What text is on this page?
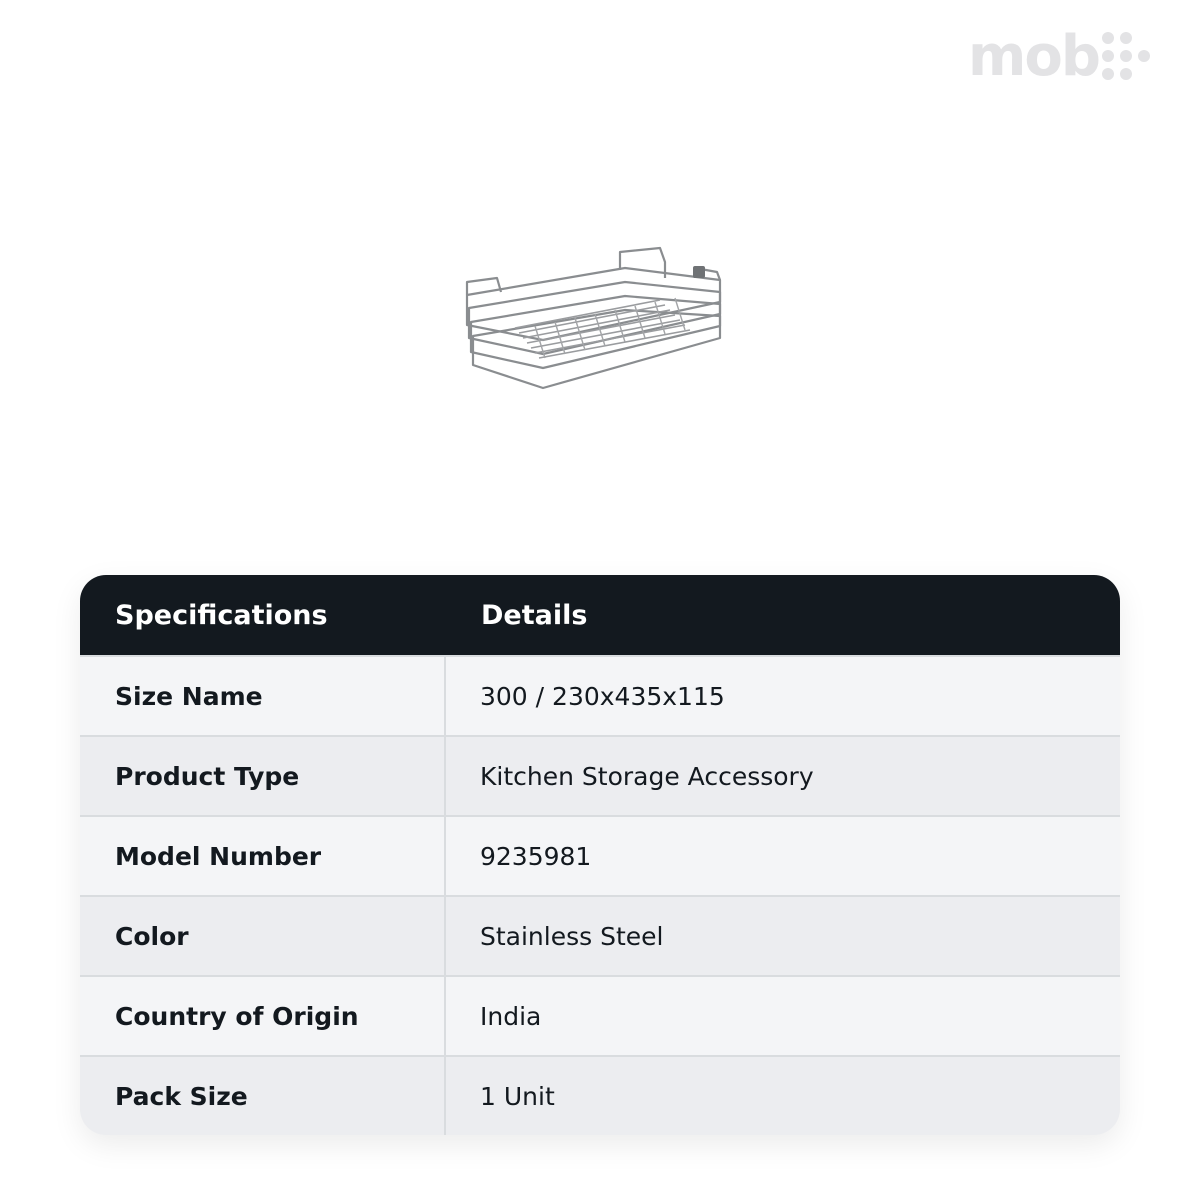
mob
Specifications	Details
Size Name	300 / 230x435x115
Product Type	Kitchen Storage Accessory
Model Number	9235981
Color	Stainless Steel
Country of Origin	India
Pack Size	1 Unit
